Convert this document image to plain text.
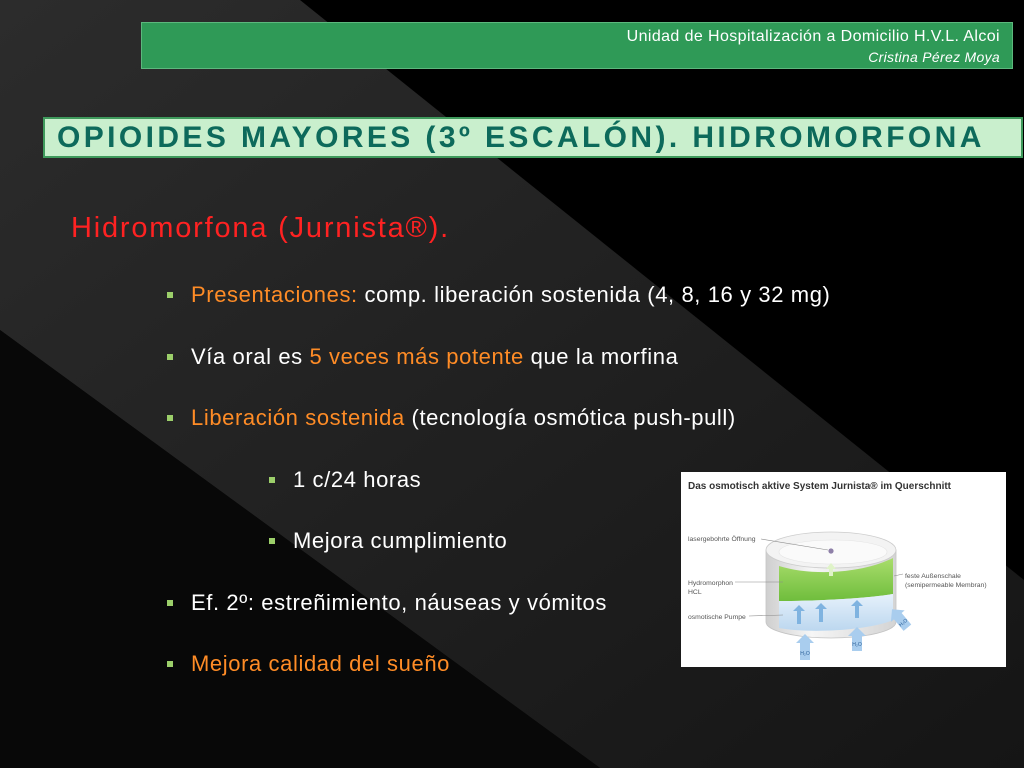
Unidad de Hospitalización a Domicilio H.V.L. Alcoi
Cristina Pérez Moya
OPIOIDES MAYORES (3º ESCALÓN). HIDROMORFONA
Hidromorfona (Jurnista®).
Presentaciones: comp. liberación sostenida (4, 8, 16 y 32 mg)
Vía oral es 5 veces más potente que la morfina
Liberación sostenida (tecnología osmótica push-pull)
1 c/24 horas
Mejora cumplimiento
Ef. 2º: estreñimiento, náuseas y vómitos
Mejora calidad del sueño
Das osmotisch aktive System Jurnista® im Querschnitt
H₂O
H₂O
H₂O
lasergebohrte Öffnung
Hydromorphon
HCL
osmotische Pumpe
feste Außenschale
(semipermeable Membran)
